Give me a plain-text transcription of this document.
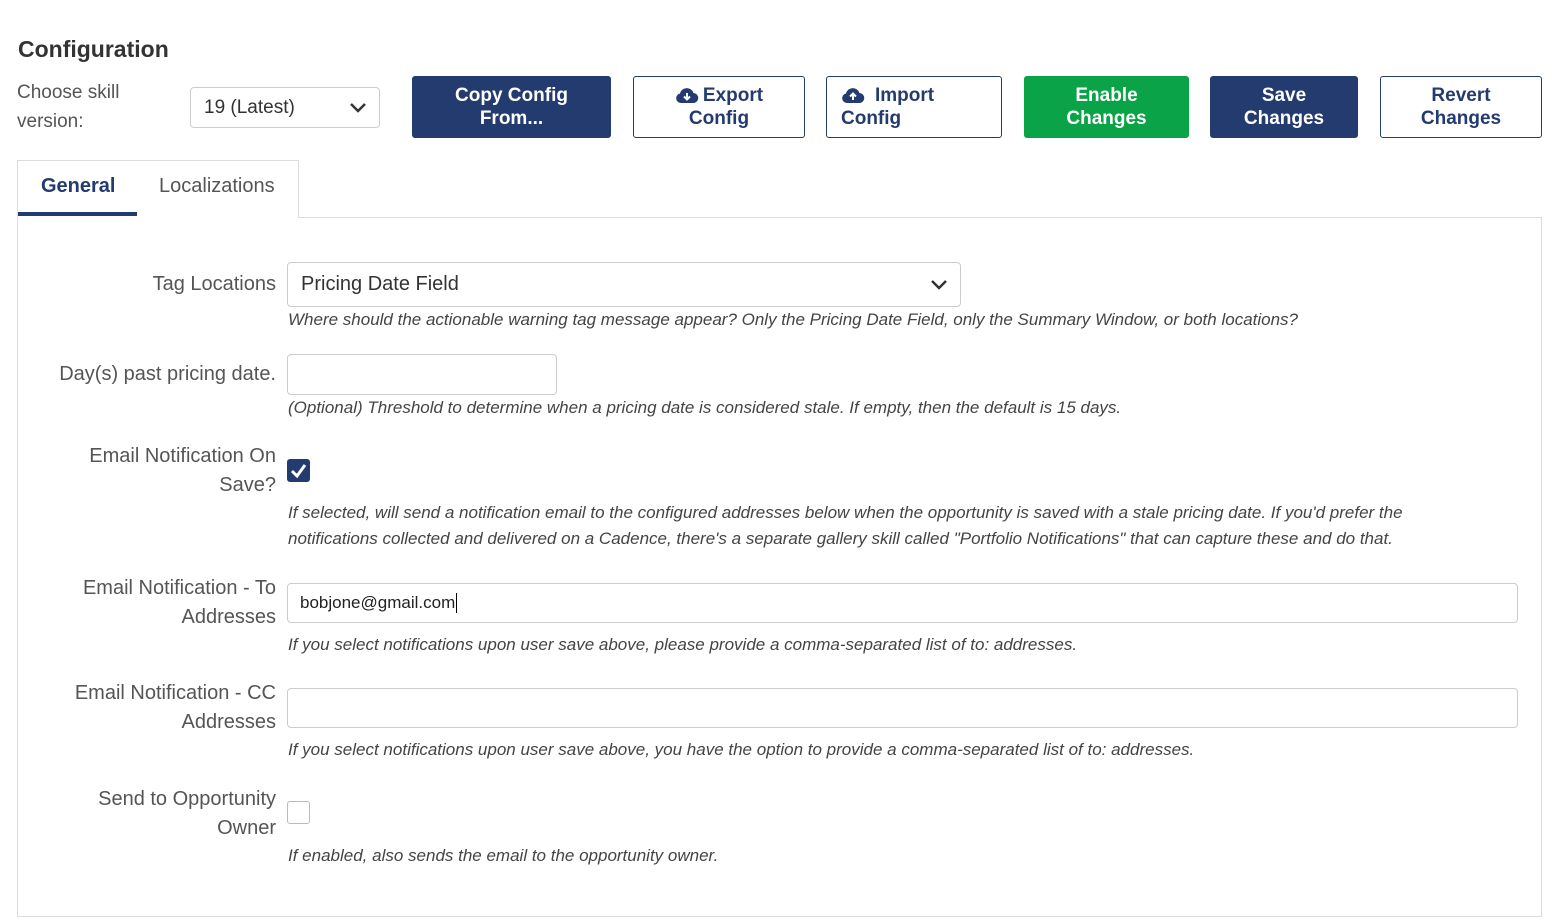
Configuration
Choose skill version:
19 (Latest)
Copy Config
From...
Export
Config
Import
Config
Enable
Changes
Save
Changes
Revert
Changes
General Localizations
Tag Locations Pricing Date Field
Where should the actionable warning tag message appear? Only the Pricing Date Field, only the Summary Window, or both locations?
Day(s) past pricing date.
(Optional) Threshold to determine when a pricing date is considered stale. If empty, then the default is 15 days.
Email Notification On
Save?
If selected, will send a notification email to the configured addresses below when the opportunity is saved with a stale pricing date. If you'd prefer the
notifications collected and delivered on a Cadence, there's a separate gallery skill called "Portfolio Notifications" that can capture these and do that.
Email Notification - To
Addresses
bobjone@gmail.com
If you select notifications upon user save above, please provide a comma-separated list of to: addresses.
Email Notification - CC
Addresses
If you select notifications upon user save above, you have the option to provide a comma-separated list of to: addresses.
Send to Opportunity
Owner
If enabled, also sends the email to the opportunity owner.
